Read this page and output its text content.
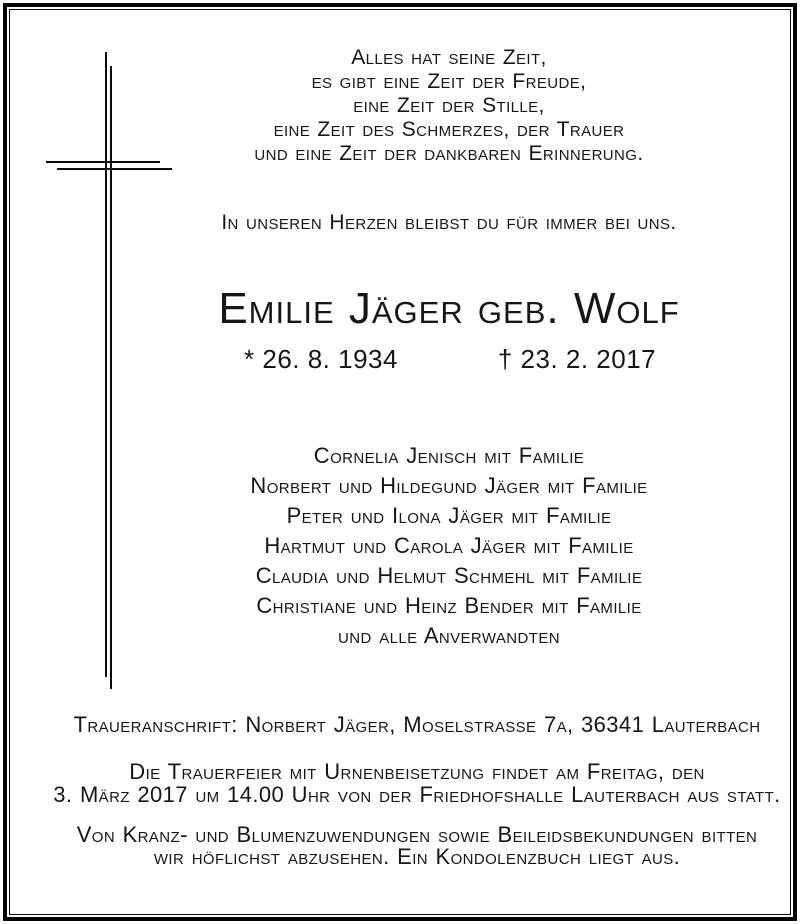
Alles hat seine Zeit,
es gibt eine Zeit der Freude,
eine Zeit der Stille,
eine Zeit des Schmerzes, der Trauer
und eine Zeit der dankbaren Erinnerung.
In unseren Herzen bleibst du für immer bei uns.
Emilie Jäger geb. Wolf
* 26. 8. 1934	† 23. 2. 2017
Cornelia Jenisch mit Familie
Norbert und Hildegund Jäger mit Familie
Peter und Ilona Jäger mit Familie
Hartmut und Carola Jäger mit Familie
Claudia und Helmut Schmehl mit Familie
Christiane und Heinz Bender mit Familie
und alle Anverwandten
Traueranschrift: Norbert Jäger, Moselstrasse 7a, 36341 Lauterbach
Die Trauerfeier mit Urnenbeisetzung findet am Freitag, den
3. März 2017 um 14.00 Uhr von der Friedhofshalle Lauterbach aus statt.
Von Kranz- und Blumenzuwendungen sowie Beileidsbekundungen bitten
wir höflichst abzusehen. Ein Kondolenzbuch liegt aus.
